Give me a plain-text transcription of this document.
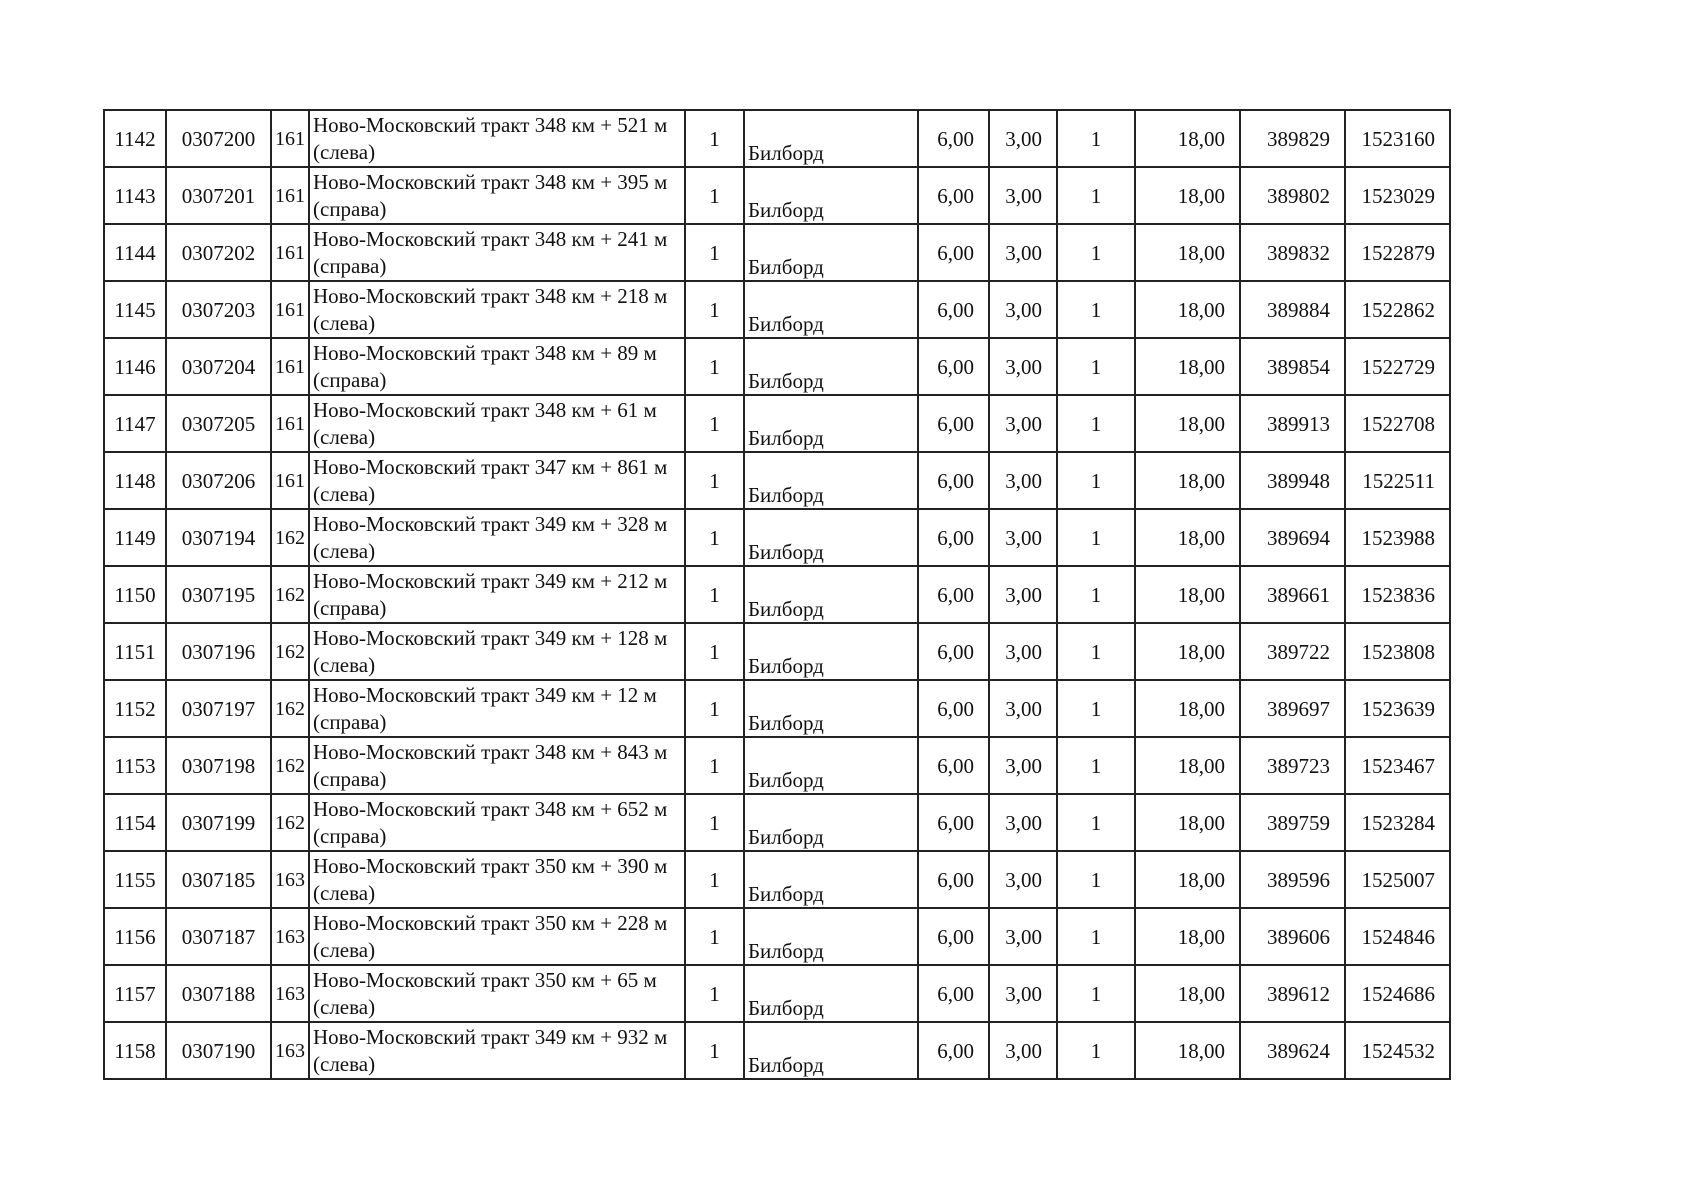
1142	0307200	161	Ново-Московский тракт 348 км + 521 м (слева)	1	Билборд	6,00	3,00	1	18,00	389829	1523160
1143	0307201	161	Ново-Московский тракт 348 км + 395 м (справа)	1	Билборд	6,00	3,00	1	18,00	389802	1523029
1144	0307202	161	Ново-Московский тракт 348 км + 241 м (справа)	1	Билборд	6,00	3,00	1	18,00	389832	1522879
1145	0307203	161	Ново-Московский тракт 348 км + 218 м (слева)	1	Билборд	6,00	3,00	1	18,00	389884	1522862
1146	0307204	161	Ново-Московский тракт 348 км + 89 м (справа)	1	Билборд	6,00	3,00	1	18,00	389854	1522729
1147	0307205	161	Ново-Московский тракт 348 км + 61 м (слева)	1	Билборд	6,00	3,00	1	18,00	389913	1522708
1148	0307206	161	Ново-Московский тракт 347 км + 861 м (слева)	1	Билборд	6,00	3,00	1	18,00	389948	1522511
1149	0307194	162	Ново-Московский тракт 349 км + 328 м (слева)	1	Билборд	6,00	3,00	1	18,00	389694	1523988
1150	0307195	162	Ново-Московский тракт 349 км + 212 м (справа)	1	Билборд	6,00	3,00	1	18,00	389661	1523836
1151	0307196	162	Ново-Московский тракт 349 км + 128 м (слева)	1	Билборд	6,00	3,00	1	18,00	389722	1523808
1152	0307197	162	Ново-Московский тракт 349 км + 12 м (справа)	1	Билборд	6,00	3,00	1	18,00	389697	1523639
1153	0307198	162	Ново-Московский тракт 348 км + 843 м (справа)	1	Билборд	6,00	3,00	1	18,00	389723	1523467
1154	0307199	162	Ново-Московский тракт 348 км + 652 м (справа)	1	Билборд	6,00	3,00	1	18,00	389759	1523284
1155	0307185	163	Ново-Московский тракт 350 км + 390 м (слева)	1	Билборд	6,00	3,00	1	18,00	389596	1525007
1156	0307187	163	Ново-Московский тракт 350 км + 228 м (слева)	1	Билборд	6,00	3,00	1	18,00	389606	1524846
1157	0307188	163	Ново-Московский тракт 350 км + 65 м (слева)	1	Билборд	6,00	3,00	1	18,00	389612	1524686
1158	0307190	163	Ново-Московский тракт 349 км + 932 м (слева)	1	Билборд	6,00	3,00	1	18,00	389624	1524532
